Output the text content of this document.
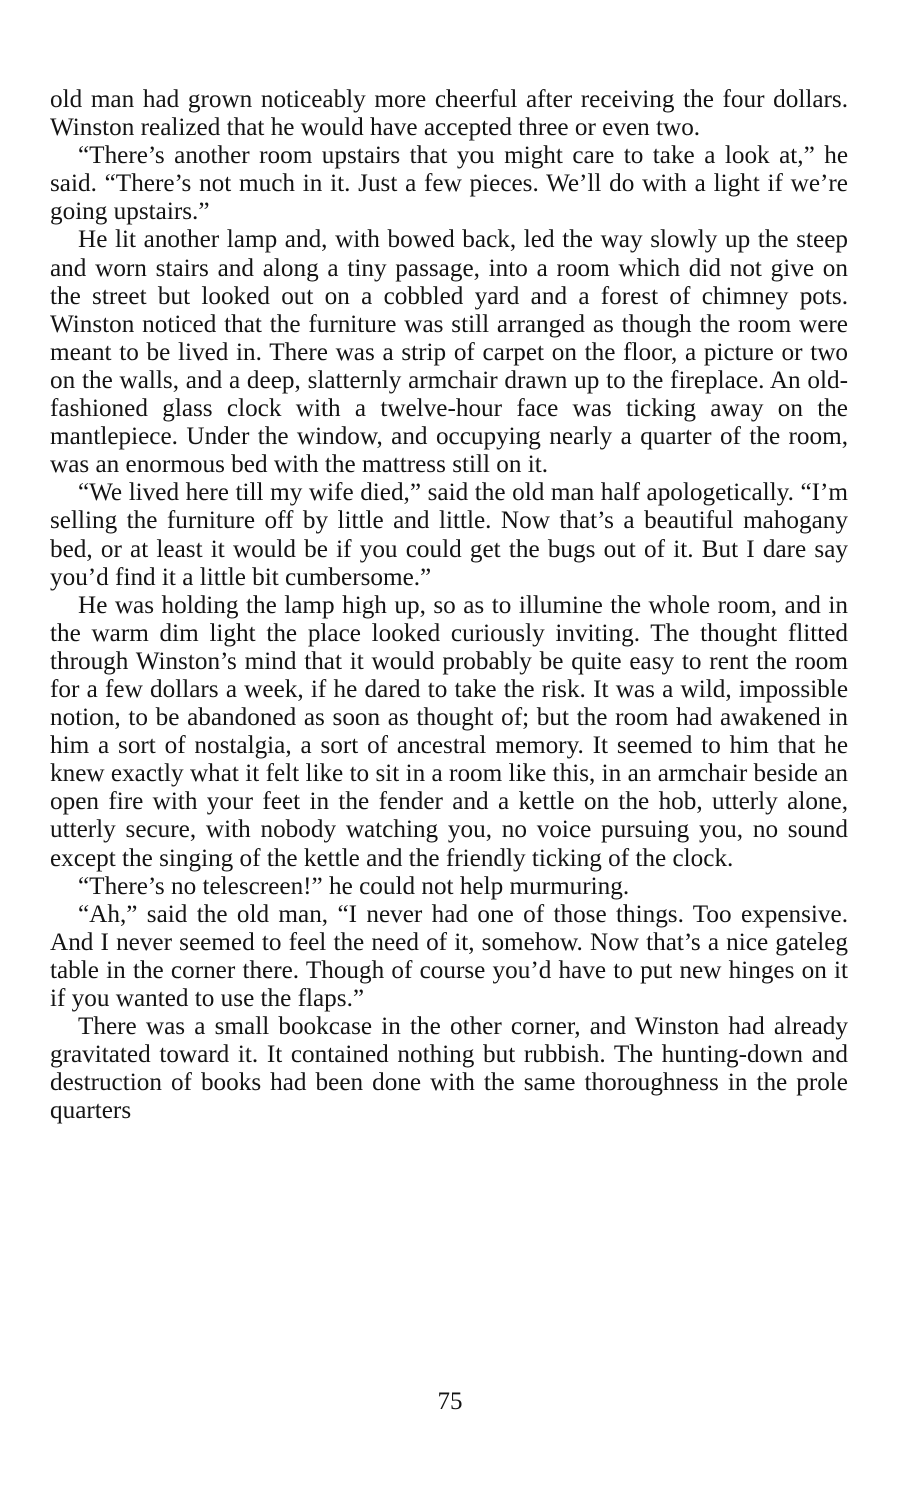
old man had grown noticeably more cheerful after receiving the four dollars. Winston realized that he would have accepted three or even two.

“There’s another room upstairs that you might care to take a look at,” he said. “There’s not much in it. Just a few pieces. We’ll do with a light if we’re going upstairs.”

He lit another lamp and, with bowed back, led the way slowly up the steep and worn stairs and along a tiny passage, into a room which did not give on the street but looked out on a cobbled yard and a forest of chimney pots. Winston noticed that the furniture was still arranged as though the room were meant to be lived in. There was a strip of carpet on the floor, a picture or two on the walls, and a deep, slatternly armchair drawn up to the fireplace. An old-fashioned glass clock with a twelve-hour face was ticking away on the mantlepiece. Under the window, and occupying nearly a quarter of the room, was an enormous bed with the mattress still on it.

“We lived here till my wife died,” said the old man half apologetically. “I’m selling the furniture off by little and little. Now that’s a beautiful mahogany bed, or at least it would be if you could get the bugs out of it. But I dare say you’d find it a little bit cumbersome.”

He was holding the lamp high up, so as to illumine the whole room, and in the warm dim light the place looked curiously inviting. The thought flitted through Winston’s mind that it would probably be quite easy to rent the room for a few dollars a week, if he dared to take the risk. It was a wild, impossible notion, to be abandoned as soon as thought of; but the room had awakened in him a sort of nostalgia, a sort of ancestral memory. It seemed to him that he knew exactly what it felt like to sit in a room like this, in an armchair beside an open fire with your feet in the fender and a kettle on the hob, utterly alone, utterly secure, with nobody watching you, no voice pursuing you, no sound except the singing of the kettle and the friendly ticking of the clock.

“There’s no telescreen!” he could not help murmuring.

“Ah,” said the old man, “I never had one of those things. Too expensive. And I never seemed to feel the need of it, somehow. Now that’s a nice gateleg table in the corner there. Though of course you’d have to put new hinges on it if you wanted to use the flaps.”

There was a small bookcase in the other corner, and Winston had already gravitated toward it. It contained nothing but rubbish. The hunting-down and destruction of books had been done with the same thoroughness in the prole quarters

75
